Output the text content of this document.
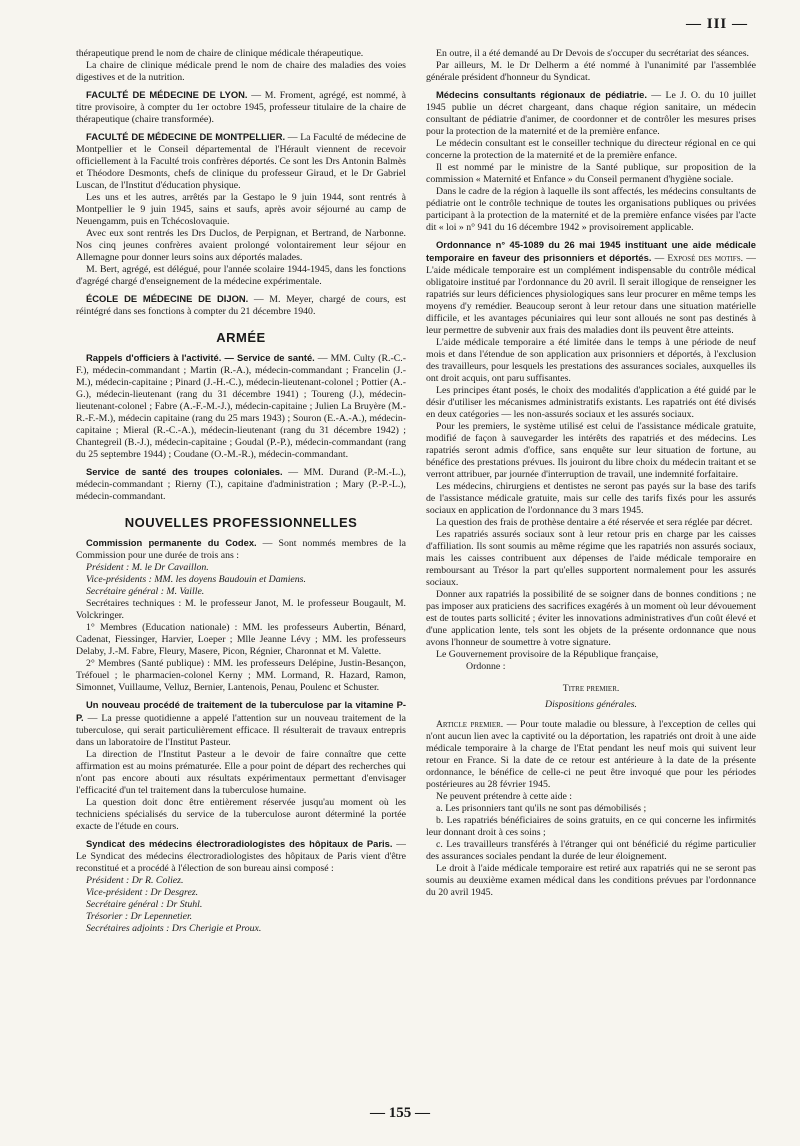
— III —

thérapeutique prend le nom de chaire de clinique médicale thérapeutique.

La chaire de clinique médicale prend le nom de chaire des maladies des voies digestives et de la nutrition.

FACULTÉ DE MÉDECINE DE LYON. — M. Froment, agrégé, est nommé, à titre provisoire, à compter du 1er octobre 1945, professeur titulaire de la chaire de thérapeutique (chaire transformée).

FACULTÉ DE MÉDECINE DE MONTPELLIER. — La Faculté de médecine de Montpellier et le Conseil départemental de l'Hérault viennent de recevoir officiellement à la Faculté trois confrères déportés. Ce sont les Drs Antonin Balmès et Théodore Desmonts, chefs de clinique du professeur Giraud, et le Dr Gabriel Luscan, de l'Institut d'éducation physique.

Les uns et les autres, arrêtés par la Gestapo le 9 juin 1944, sont rentrés à Montpellier le 9 juin 1945, sains et saufs, après avoir séjourné au camp de Neuengamm, puis en Tchécoslovaquie.

Avec eux sont rentrés les Drs Duclos, de Perpignan, et Bertrand, de Narbonne. Nos cinq jeunes confrères avaient prolongé volontairement leur séjour en Allemagne pour donner leurs soins aux déportés malades.

M. Bert, agrégé, est délégué, pour l'année scolaire 1944-1945, dans les fonctions d'agrégé chargé d'enseignement de la médecine expérimentale.

ÉCOLE DE MÉDECINE DE DIJON. — M. Meyer, chargé de cours, est réintégré dans ses fonctions à compter du 21 décembre 1940.

ARMÉE

Rappels d'officiers à l'activité. — Service de santé. — MM. Culty (R.-C.-F.), médecin-commandant ; Martin (R.-A.), médecin-commandant ; Francelin (J.-M.), médecin-capitaine ; Pinard (J.-H.-C.), médecin-lieutenant-colonel ; Pottier (A.-G.), médecin-lieutenant (rang du 31 décembre 1941) ; Toureng (J.), médecin-lieutenant-colonel ; Fabre (A.-F.-M.-J.), médecin-capitaine ; Julien La Bruyère (M.-R.-F.-M.), médecin capitaine (rang du 25 mars 1943) ; Souron (E.-A.-A.), médecin-capitaine ; Mieral (R.-C.-A.), médecin-lieutenant (rang du 31 décembre 1942) ; Chantegreil (B.-J.), médecin-capitaine ; Goudal (P.-P.), médecin-commandant (rang du 25 septembre 1944) ; Coudane (O.-M.-R.), médecin-commandant.

Service de santé des troupes coloniales. — MM. Durand (P.-M.-L.), médecin-commandant ; Rierny (T.), capitaine d'administration ; Mary (P.-P.-L.), médecin-commandant.

NOUVELLES PROFESSIONNELLES

Commission permanente du Codex. — Sont nommés membres de la Commission pour une durée de trois ans :

Président : M. le Dr Cavaillon.

Vice-présidents : MM. les doyens Baudouin et Damiens.

Secrétaire général : M. Vaille.

Secrétaires techniques : M. le professeur Janot, M. le professeur Bougault, M. Volckringer.

1° Membres (Education nationale) : MM. les professeurs Aubertin, Bénard, Cadenat, Fiessinger, Harvier, Loeper ; Mlle Jeanne Lévy ; MM. les professeurs Delaby, J.-M. Fabre, Fleury, Masere, Picon, Régnier, Charonnat et M. Valette.

2° Membres (Santé publique) : MM. les professeurs Delépine, Justin-Besançon, Tréfouel ; le pharmacien-colonel Kerny ; MM. Lormand, R. Hazard, Ramon, Simonnet, Vuillaume, Velluz, Bernier, Lantenois, Penau, Poulenc et Schuster.

Un nouveau procédé de traitement de la tuberculose par la vitamine P-P. — La presse quotidienne a appelé l'attention sur un nouveau traitement de la tuberculose, qui serait particulièrement efficace. Il résulterait de travaux entrepris dans un laboratoire de l'Institut Pasteur.

La direction de l'Institut Pasteur a le devoir de faire connaître que cette affirmation est au moins prématurée. Elle a pour point de départ des recherches qui n'ont pas encore abouti aux résultats expérimentaux permettant d'envisager l'efficacité d'un tel traitement dans la tuberculose humaine.

La question doit donc être entièrement réservée jusqu'au moment où les techniciens spécialisés du service de la tuberculose auront déterminé la portée exacte de l'étude en cours.

Syndicat des médecins électroradiologistes des hôpitaux de Paris. — Le Syndicat des médecins électroradiologistes des hôpitaux de Paris vient d'être reconstitué et a procédé à l'élection de son bureau ainsi composé :

Président : Dr R. Coliez.

Vice-président : Dr Desgrez.

Secrétaire général : Dr Stuhl.

Trésorier : Dr Lepennetier.

Secrétaires adjoints : Drs Cherigie et Proux.

En outre, il a été demandé au Dr Devois de s'occuper du secrétariat des séances.

Par ailleurs, M. le Dr Delherm a été nommé à l'unanimité par l'assemblée générale président d'honneur du Syndicat.

Médecins consultants régionaux de pédiatrie. — Le J. O. du 10 juillet 1945 publie un décret chargeant, dans chaque région sanitaire, un médecin consultant de pédiatrie d'animer, de coordonner et de contrôler les mesures prises pour la protection de la maternité et de la première enfance.

Le médecin consultant est le conseiller technique du directeur régional en ce qui concerne la protection de la maternité et de la première enfance.

Il est nommé par le ministre de la Santé publique, sur proposition de la commission « Maternité et Enfance » du Conseil permanent d'hygiène sociale.

Dans le cadre de la région à laquelle ils sont affectés, les médecins consultants de pédiatrie ont le contrôle technique de toutes les organisations publiques ou privées participant à la protection de la maternité et de la première enfance visées par l'acte dit « loi » n° 941 du 16 décembre 1942 » provisoirement applicable.

Ordonnance n° 45-1089 du 26 mai 1945 instituant une aide médicale temporaire en faveur des prisonniers et déportés. — Exposé des motifs. — L'aide médicale temporaire est un complément indispensable du contrôle médical obligatoire institué par l'ordonnance du 20 avril. Il serait illogique de renseigner les rapatriés sur leurs déficiences physiologiques sans leur procurer en même temps les moyens d'y remédier. Beaucoup seront à leur retour dans une situation matérielle difficile, et les avantages pécuniaires qui leur sont alloués ne sont pas destinés à leur permettre de subvenir aux frais des maladies dont ils peuvent être atteints.

L'aide médicale temporaire a été limitée dans le temps à une période de neuf mois et dans l'étendue de son application aux prisonniers et déportés, à l'exclusion des travailleurs, pour lesquels les prestations des assurances sociales, auxquelles ils ont droit acquis, ont paru suffisantes.

Les principes étant posés, le choix des modalités d'application a été guidé par le désir d'utiliser les mécanismes administratifs existants. Les rapatriés ont été divisés en deux catégories — les non-assurés sociaux et les assurés sociaux.

Pour les premiers, le système utilisé est celui de l'assistance médicale gratuite, modifié de façon à sauvegarder les intérêts des rapatriés et des médecins. Les rapatriés seront admis d'office, sans enquête sur leur situation de fortune, au bénéfice des prestations prévues. Ils jouiront du libre choix du médecin traitant et se verront attribuer, par journée d'interruption de travail, une indemnité forfaitaire.

Les médecins, chirurgiens et dentistes ne seront pas payés sur la base des tarifs de l'assistance médicale gratuite, mais sur celle des tarifs fixés pour les assurés sociaux en application de l'ordonnance du 3 mars 1945.

La question des frais de prothèse dentaire a été réservée et sera réglée par décret.

Les rapatriés assurés sociaux sont à leur retour pris en charge par les caisses d'affiliation. Ils sont soumis au même régime que les rapatriés non assurés sociaux, mais les caisses contribuent aux dépenses de l'aide médicale temporaire en remboursant au Trésor la part qu'elles supportent normalement pour les assurés sociaux.

Donner aux rapatriés la possibilité de se soigner dans de bonnes conditions ; ne pas imposer aux praticiens des sacrifices exagérés à un moment où leur dévouement est de toutes parts sollicité ; éviter les innovations administratives d'un coût élevé et d'une application lente, tels sont les objets de la présente ordonnance que nous avons l'honneur de soumettre à votre signature.

Le Gouvernement provisoire de la République française,

Ordonne :

Titre premier.

Dispositions générales.

Article premier. — Pour toute maladie ou blessure, à l'exception de celles qui n'ont aucun lien avec la captivité ou la déportation, les rapatriés ont droit à une aide médicale temporaire à la charge de l'Etat pendant les neuf mois qui suivent leur retour en France. Si la date de ce retour est antérieure à la date de la présente ordonnance, le bénéfice de celle-ci ne peut être invoqué que pour les périodes postérieures au 28 février 1945.

Ne peuvent prétendre à cette aide :

a. Les prisonniers tant qu'ils ne sont pas démobilisés ;

b. Les rapatriés bénéficiaires de soins gratuits, en ce qui concerne les infirmités leur donnant droit à ces soins ;

c. Les travailleurs transférés à l'étranger qui ont bénéficié du régime particulier des assurances sociales pendant la durée de leur éloignement.

Le droit à l'aide médicale temporaire est retiré aux rapatriés qui ne se seront pas soumis au deuxième examen médical dans les conditions prévues par l'ordonnance du 20 avril 1945.

— 155 —
